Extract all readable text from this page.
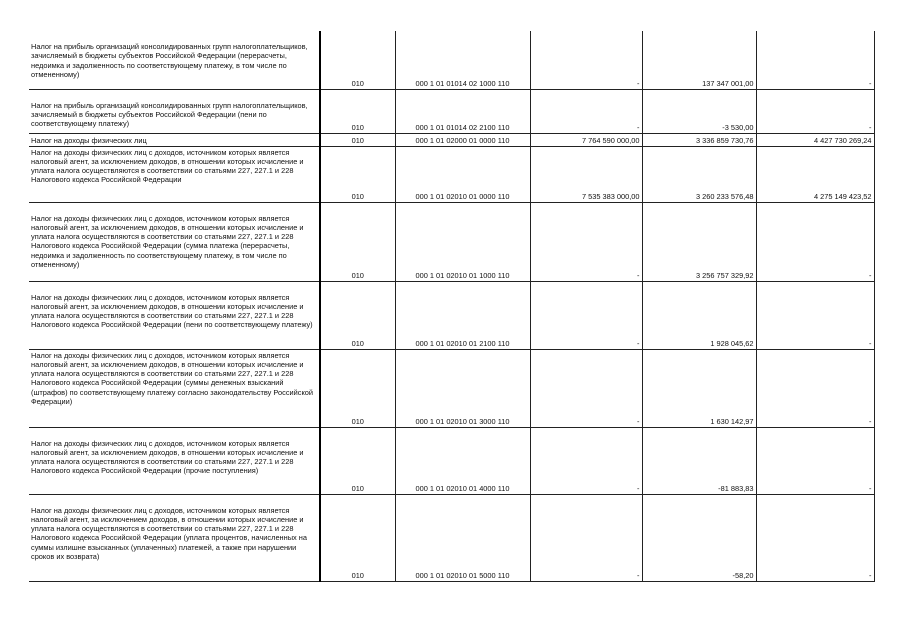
Налог на прибыль организаций консолидированных групп налогоплательщиков, зачисляемый в бюджеты субъектов Российской Федерации (перерасчеты, недоимка и задолженность по соответствующему платежу, в том числе по отмененному)	010	000 1 01 01014 02 1000 110	-	137 347 001,00	-
Налог на прибыль организаций консолидированных групп налогоплательщиков, зачисляемый в бюджеты субъектов Российской Федерации (пени по соответствующему платежу)	010	000 1 01 01014 02 2100 110	-	-3 530,00	-
Налог на доходы физических лиц	010	000 1 01 02000 01 0000 110	7 764 590 000,00	3 336 859 730,76	4 427 730 269,24
Налог на доходы физических лиц с доходов, источником которых является налоговый агент, за исключением доходов, в отношении которых исчисление и уплата налога осуществляются в соответствии со статьями 227, 227.1 и 228 Налогового кодекса Российской Федерации	010	000 1 01 02010 01 0000 110	7 535 383 000,00	3 260 233 576,48	4 275 149 423,52
Налог на доходы физических лиц с доходов, источником которых является налоговый агент, за исключением доходов, в отношении которых исчисление и уплата налога осуществляются в соответствии со статьями 227, 227.1 и 228 Налогового кодекса Российской Федерации (сумма платежа (перерасчеты, недоимка и задолженность по соответствующему платежу, в том числе по отмененному)	010	000 1 01 02010 01 1000 110	-	3 256 757 329,92	-
Налог на доходы физических лиц с доходов, источником которых является налоговый агент, за исключением доходов, в отношении которых исчисление и уплата налога осуществляются в соответствии со статьями 227, 227.1 и 228 Налогового кодекса Российской Федерации (пени по соответствующему платежу)	010	000 1 01 02010 01 2100 110	-	1 928 045,62	-
Налог на доходы физических лиц с доходов, источником которых является налоговый агент, за исключением доходов, в отношении которых исчисление и уплата налога осуществляются в соответствии со статьями 227, 227.1 и 228 Налогового кодекса Российской Федерации (суммы денежных взысканий (штрафов) по соответствующему платежу согласно законодательству Российской Федерации)	010	000 1 01 02010 01 3000 110	-	1 630 142,97	-
Налог на доходы физических лиц с доходов, источником которых является налоговый агент, за исключением доходов, в отношении которых исчисление и уплата налога осуществляются в соответствии со статьями 227, 227.1 и 228 Налогового кодекса Российской Федерации (прочие поступления)	010	000 1 01 02010 01 4000 110	-	-81 883,83	-
Налог на доходы физических лиц с доходов, источником которых является налоговый агент, за исключением доходов, в отношении которых исчисление и уплата налога осуществляются в соответствии со статьями 227, 227.1 и 228 Налогового кодекса Российской Федерации (уплата процентов, начисленных на суммы излишне взысканных (уплаченных) платежей, а также при нарушении сроков их возврата)	010	000 1 01 02010 01 5000 110	-	-58,20	-
